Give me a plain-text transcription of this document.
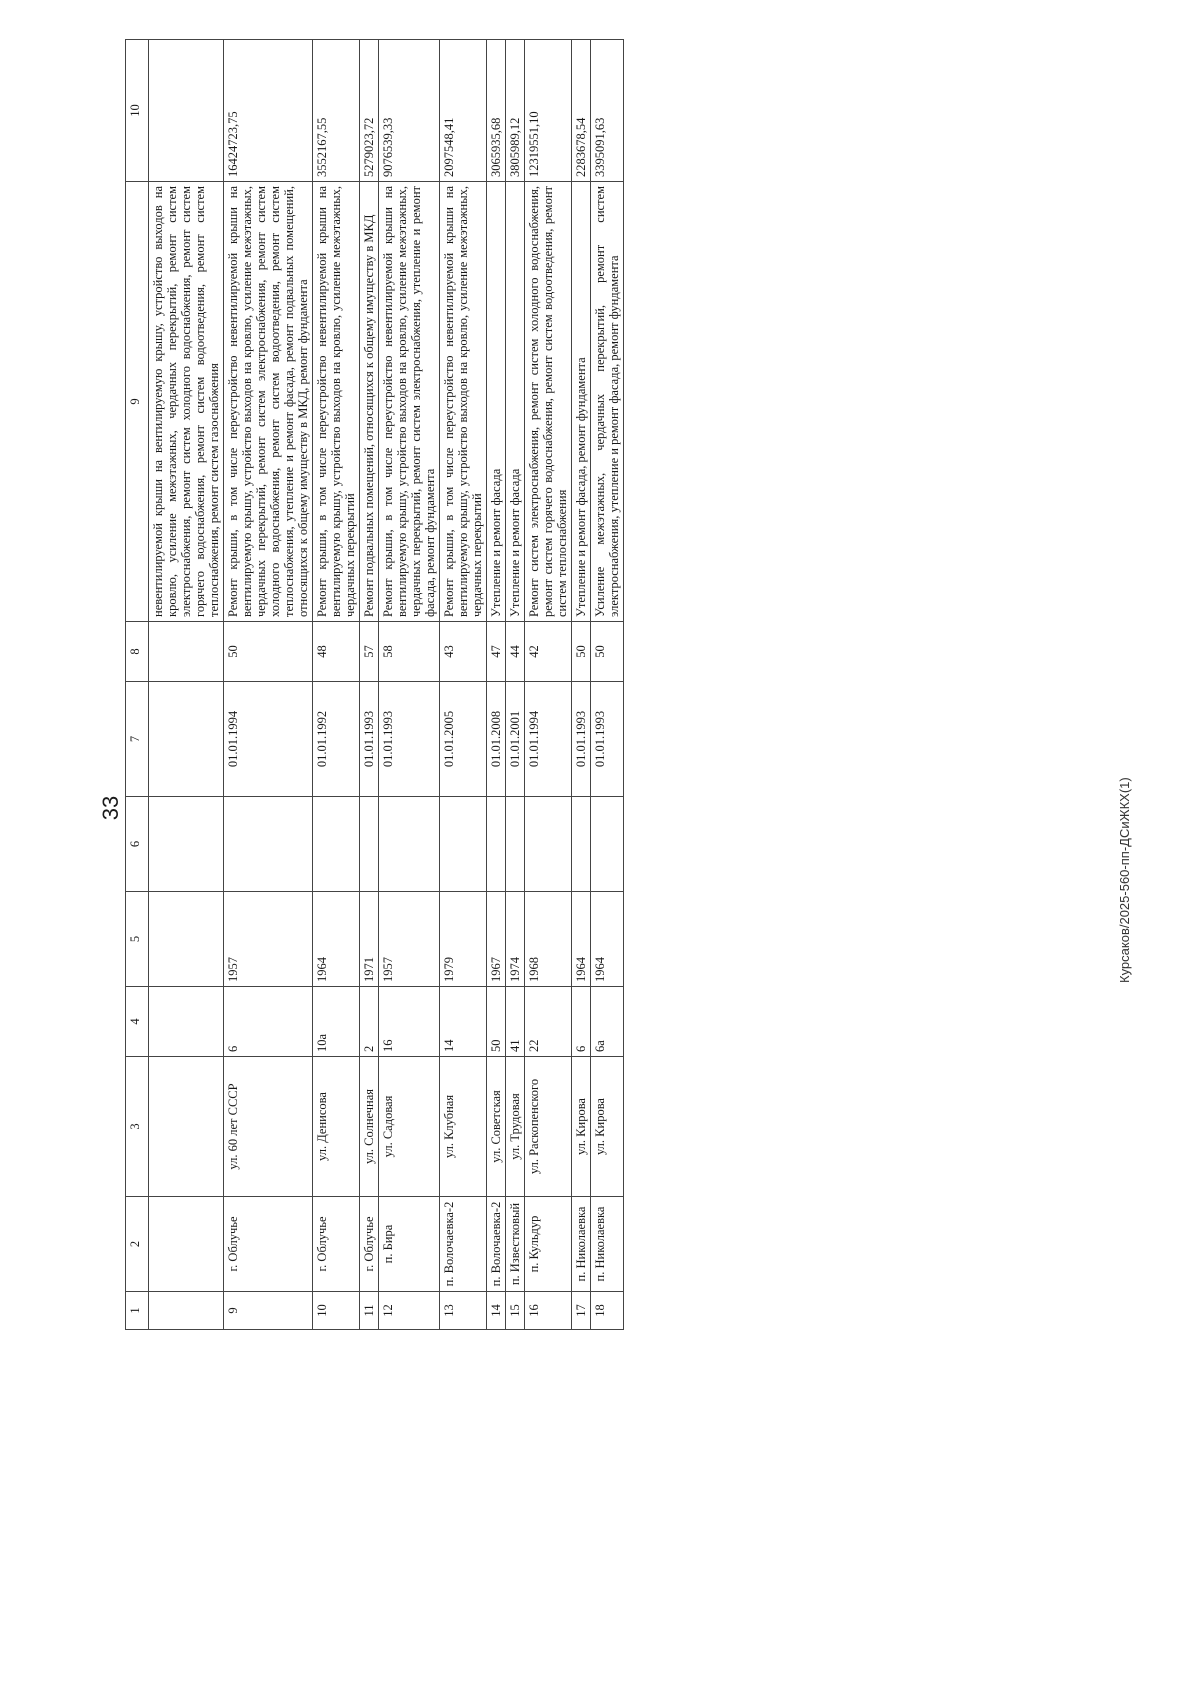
33	Курсаков/2025-560-пп-ДСиЖКХ(1)
1	2	3	4	5	6	7	8	9	10
								невентилируемой крыши на вентилируемую крышу, устройство выходов на кровлю, усиление межэтажных, чердачных перекрытий, ремонт систем электроснабжения, ремонт систем холодного водоснабжения, ремонт систем горячего водоснабжения, ремонт систем водоотведения, ремонт систем теплоснабжения, ремонт систем газоснабжения	
9	г. Облучье	ул. 60 лет СССР	6	1957		01.01.1994	50	Ремонт крыши, в том числе переустройство невентилируемой крыши на вентилируемую крышу, устройство выходов на кровлю, усиление межэтажных, чердачных перекрытий, ремонт систем электроснабжения, ремонт систем холодного водоснабжения, ремонт систем водоотведения, ремонт систем теплоснабжения, утепление и ремонт фасада, ремонт подвальных помещений, относящихся к общему имуществу в МКД, ремонт фундамента	16424723,75
10	г. Облучье	ул. Денисова	10а	1964		01.01.1992	48	Ремонт крыши, в том числе переустройство невентилируемой крыши на вентилируемую крышу, устройство выходов на кровлю, усиление межэтажных, чердачных перекрытий	3552167,55
11	г. Облучье	ул. Солнечная	2	1971		01.01.1993	57	Ремонт подвальных помещений, относящихся к общему имуществу в МКД	5279023,72
12	п. Бира	ул. Садовая	16	1957		01.01.1993	58	Ремонт крыши, в том числе переустройство невентилируемой крыши на вентилируемую крышу, устройство выходов на кровлю, усиление межэтажных, чердачных перекрытий, ремонт систем электроснабжения, утепление и ремонт фасада, ремонт фундамента	9076539,33
13	п. Волочаевка-2	ул. Клубная	14	1979		01.01.2005	43	Ремонт крыши, в том числе переустройство невентилируемой крыши на вентилируемую крышу, устройство выходов на кровлю, усиление межэтажных, чердачных перекрытий	2097548,41
14	п. Волочаевка-2	ул. Советская	50	1967		01.01.2008	47	Утепление и ремонт фасада	3065935,68
15	п. Известковый	ул. Трудовая	41	1974		01.01.2001	44	Утепление и ремонт фасада	3805989,12
16	п. Кульдур	ул. Раскопенского	22	1968		01.01.1994	42	Ремонт систем электроснабжения, ремонт систем холодного водоснабжения, ремонт систем горячего водоснабжения, ремонт систем водоотведения, ремонт систем теплоснабжения	12319551,10
17	п. Николаевка	ул. Кирова	6	1964		01.01.1993	50	Утепление и ремонт фасада, ремонт фундамента	2283678,54
18	п. Николаевка	ул. Кирова	6а	1964		01.01.1993	50	Усиление межэтажных, чердачных перекрытий, ремонт систем электроснабжения, утепление и ремонт фасада, ремонт фундамента	3395091,63
